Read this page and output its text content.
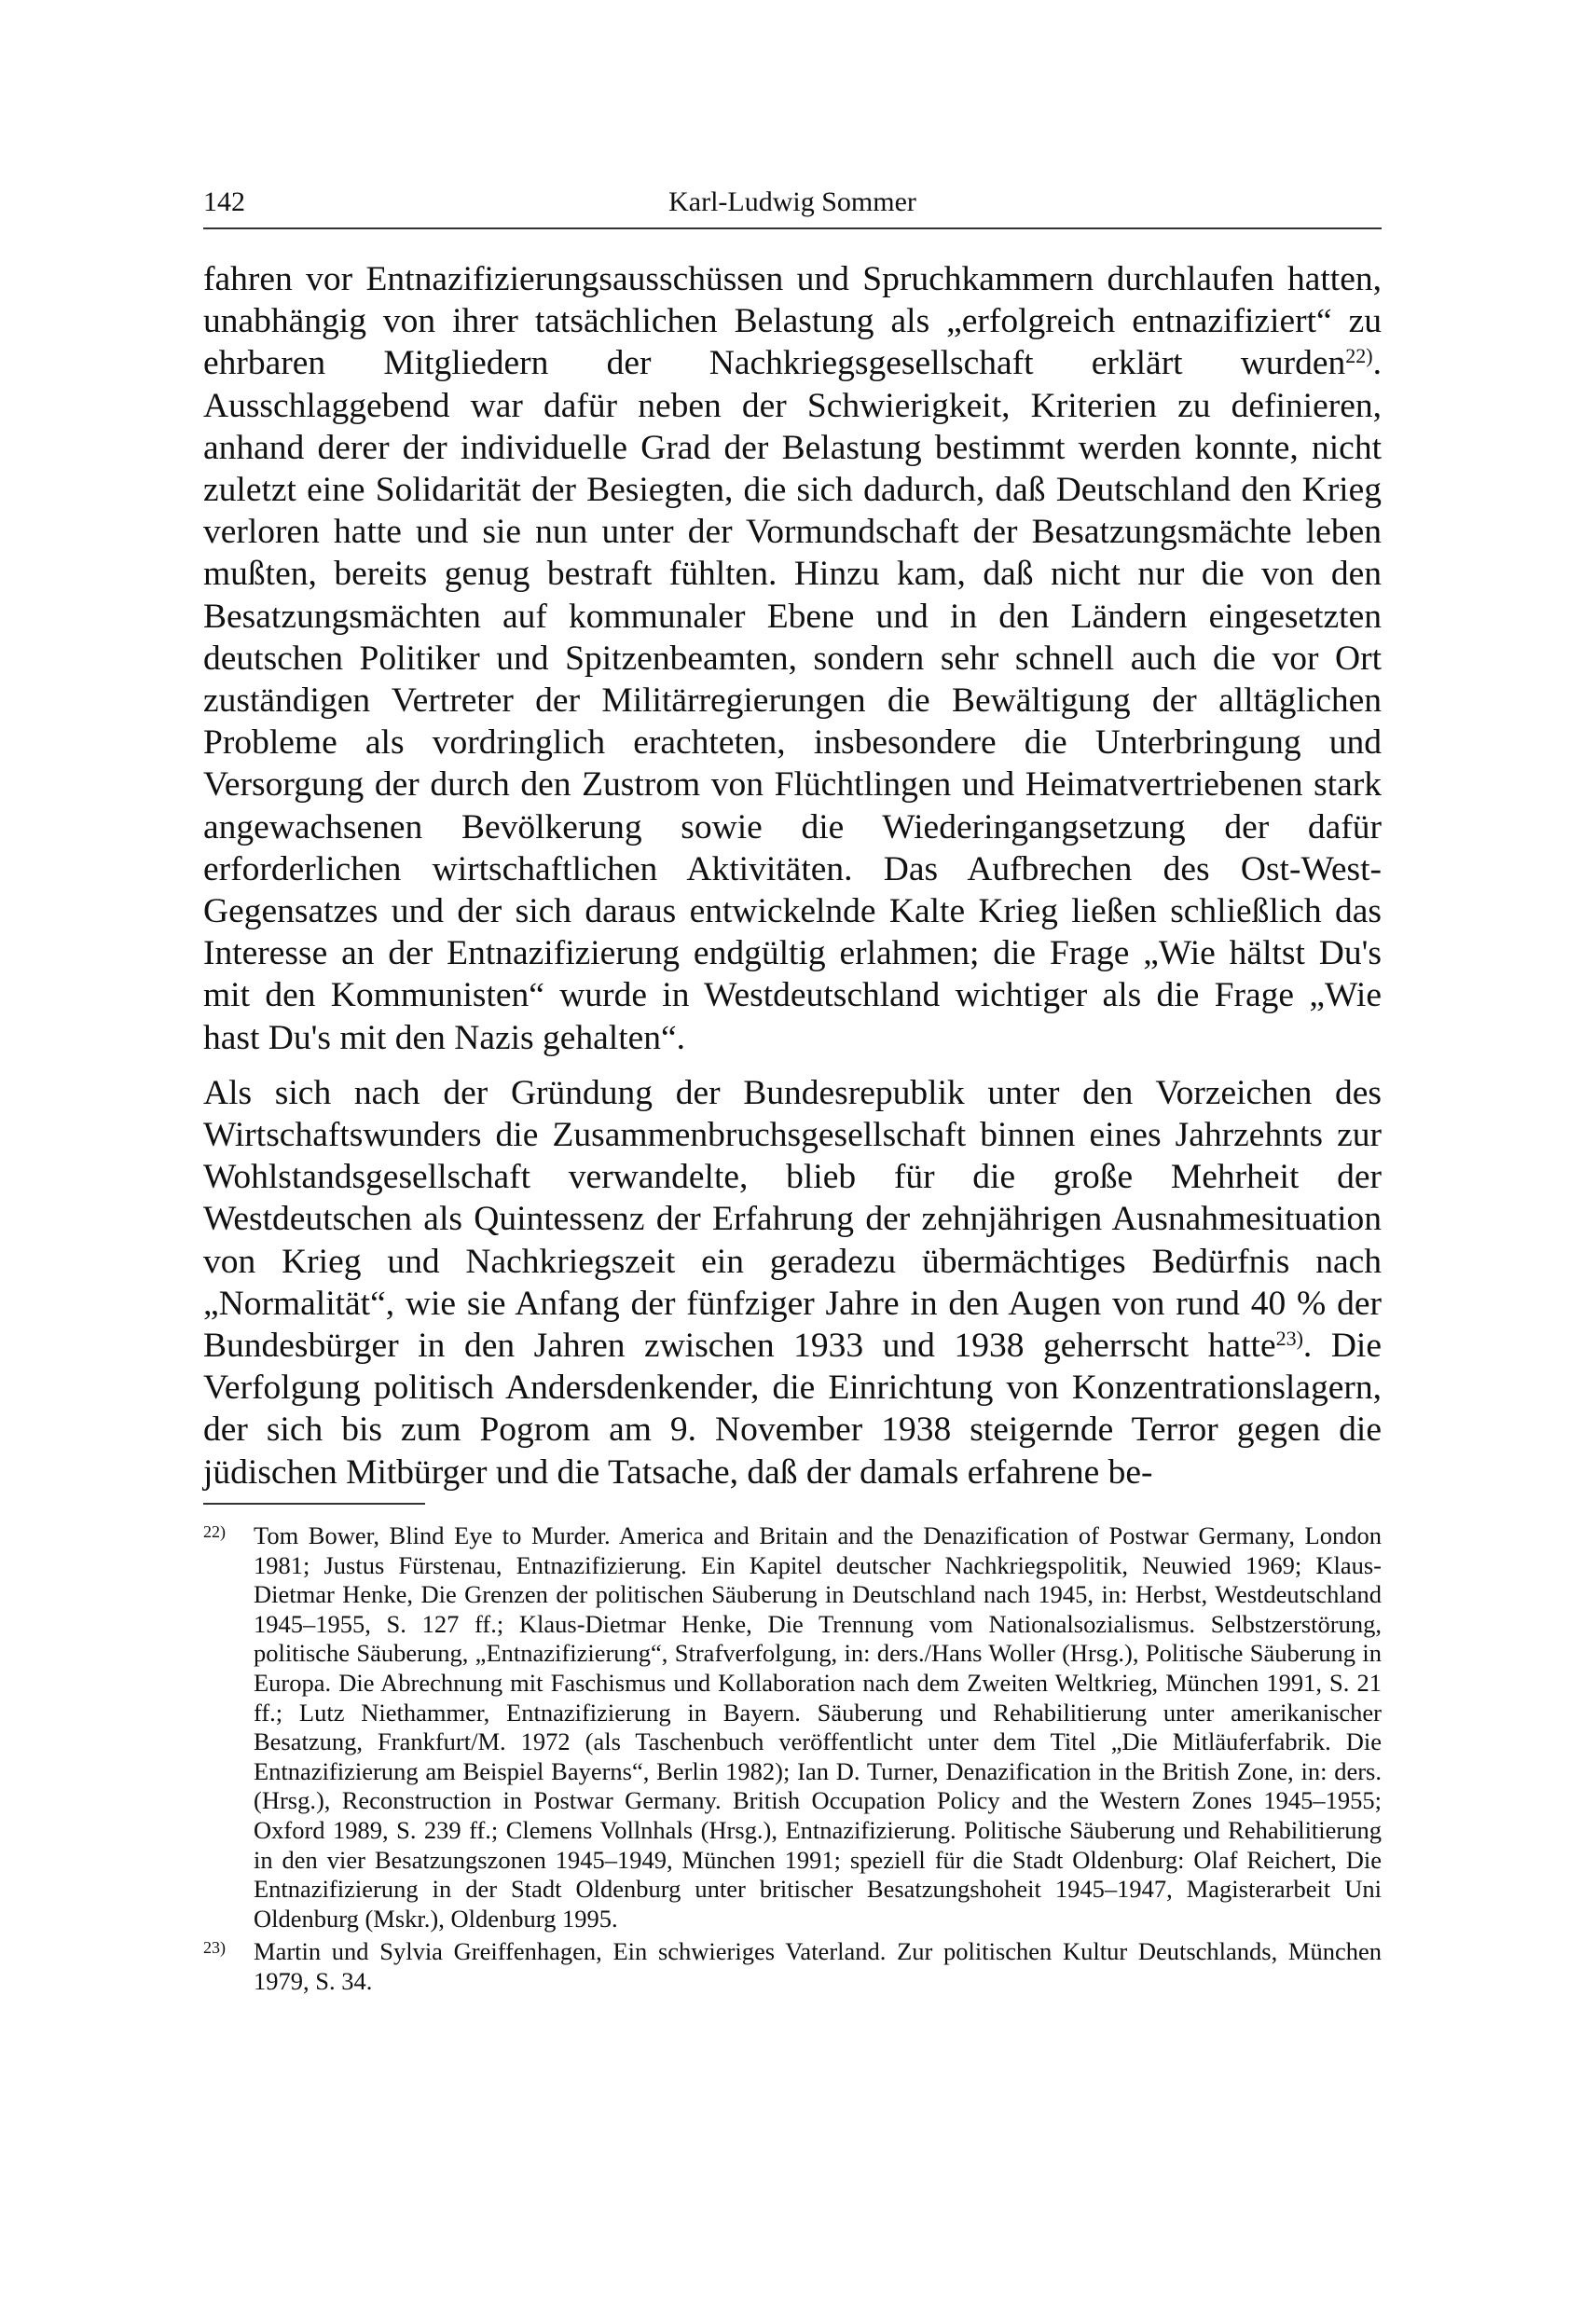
142	Karl-Ludwig Sommer

fahren vor Entnazifizierungsausschüssen und Spruchkammern durchlaufen hatten, unabhängig von ihrer tatsächlichen Belastung als „erfolgreich entnazifiziert“ zu ehrbaren Mitgliedern der Nachkriegsgesellschaft erklärt wurden$^{22)}$. Ausschlaggebend war dafür neben der Schwierigkeit, Kriterien zu definieren, anhand derer der individuelle Grad der Belastung bestimmt werden konnte, nicht zuletzt eine Solidarität der Besiegten, die sich dadurch, daß Deutschland den Krieg verloren hatte und sie nun unter der Vormundschaft der Besatzungsmächte leben mußten, bereits genug bestraft fühlten. Hinzu kam, daß nicht nur die von den Besatzungsmächten auf kommunaler Ebene und in den Ländern eingesetzten deutschen Politiker und Spitzenbeamten, sondern sehr schnell auch die vor Ort zuständigen Vertreter der Militärregierungen die Bewältigung der alltäglichen Probleme als vordringlich erachteten, insbesondere die Unterbringung und Versorgung der durch den Zustrom von Flüchtlingen und Heimatvertriebenen stark angewachsenen Bevölkerung sowie die Wiederingangsetzung der dafür erforderlichen wirtschaftlichen Aktivitäten. Das Aufbrechen des Ost-West-Gegensatzes und der sich daraus entwickelnde Kalte Krieg ließen schließlich das Interesse an der Entnazifizierung endgültig erlahmen; die Frage „Wie hältst Du's mit den Kommunisten“ wurde in Westdeutschland wichtiger als die Frage „Wie hast Du's mit den Nazis gehalten“.

Als sich nach der Gründung der Bundesrepublik unter den Vorzeichen des Wirtschaftswunders die Zusammenbruchsgesellschaft binnen eines Jahrzehnts zur Wohlstandsgesellschaft verwandelte, blieb für die große Mehrheit der Westdeutschen als Quintessenz der Erfahrung der zehnjährigen Ausnahmesituation von Krieg und Nachkriegszeit ein geradezu übermächtiges Bedürfnis nach „Normalität“, wie sie Anfang der fünfziger Jahre in den Augen von rund 40 % der Bundesbürger in den Jahren zwischen 1933 und 1938 geherrscht hatte$^{23)}$. Die Verfolgung politisch Andersdenkender, die Einrichtung von Konzentrationslagern, der sich bis zum Pogrom am 9. November 1938 steigernde Terror gegen die jüdischen Mitbürger und die Tatsache, daß der damals erfahrene be-

22) Tom Bower, Blind Eye to Murder. America and Britain and the Denazification of Postwar Germany, London 1981; Justus Fürstenau, Entnazifizierung. Ein Kapitel deutscher Nachkriegspolitik, Neuwied 1969; Klaus-Dietmar Henke, Die Grenzen der politischen Säuberung in Deutschland nach 1945, in: Herbst, Westdeutschland 1945–1955, S. 127 ff.; Klaus-Dietmar Henke, Die Trennung vom Nationalsozialismus. Selbstzerstörung, politische Säuberung, „Entnazifizierung“, Strafverfolgung, in: ders./Hans Woller (Hrsg.), Politische Säuberung in Europa. Die Abrechnung mit Faschismus und Kollaboration nach dem Zweiten Weltkrieg, München 1991, S. 21 ff.; Lutz Niethammer, Entnazifizierung in Bayern. Säuberung und Rehabilitierung unter amerikanischer Besatzung, Frankfurt/M. 1972 (als Taschenbuch veröffentlicht unter dem Titel „Die Mitläuferfabrik. Die Entnazifizierung am Beispiel Bayerns“, Berlin 1982); Ian D. Turner, Denazification in the British Zone, in: ders. (Hrsg.), Reconstruction in Postwar Germany. British Occupation Policy and the Western Zones 1945–1955; Oxford 1989, S. 239 ff.; Clemens Vollnhals (Hrsg.), Entnazifizierung. Politische Säuberung und Rehabilitierung in den vier Besatzungszonen 1945–1949, München 1991; speziell für die Stadt Oldenburg: Olaf Reichert, Die Entnazifizierung in der Stadt Oldenburg unter britischer Besatzungshoheit 1945–1947, Magisterarbeit Uni Oldenburg (Mskr.), Oldenburg 1995.
23) Martin und Sylvia Greiffenhagen, Ein schwieriges Vaterland. Zur politischen Kultur Deutschlands, München 1979, S. 34.
